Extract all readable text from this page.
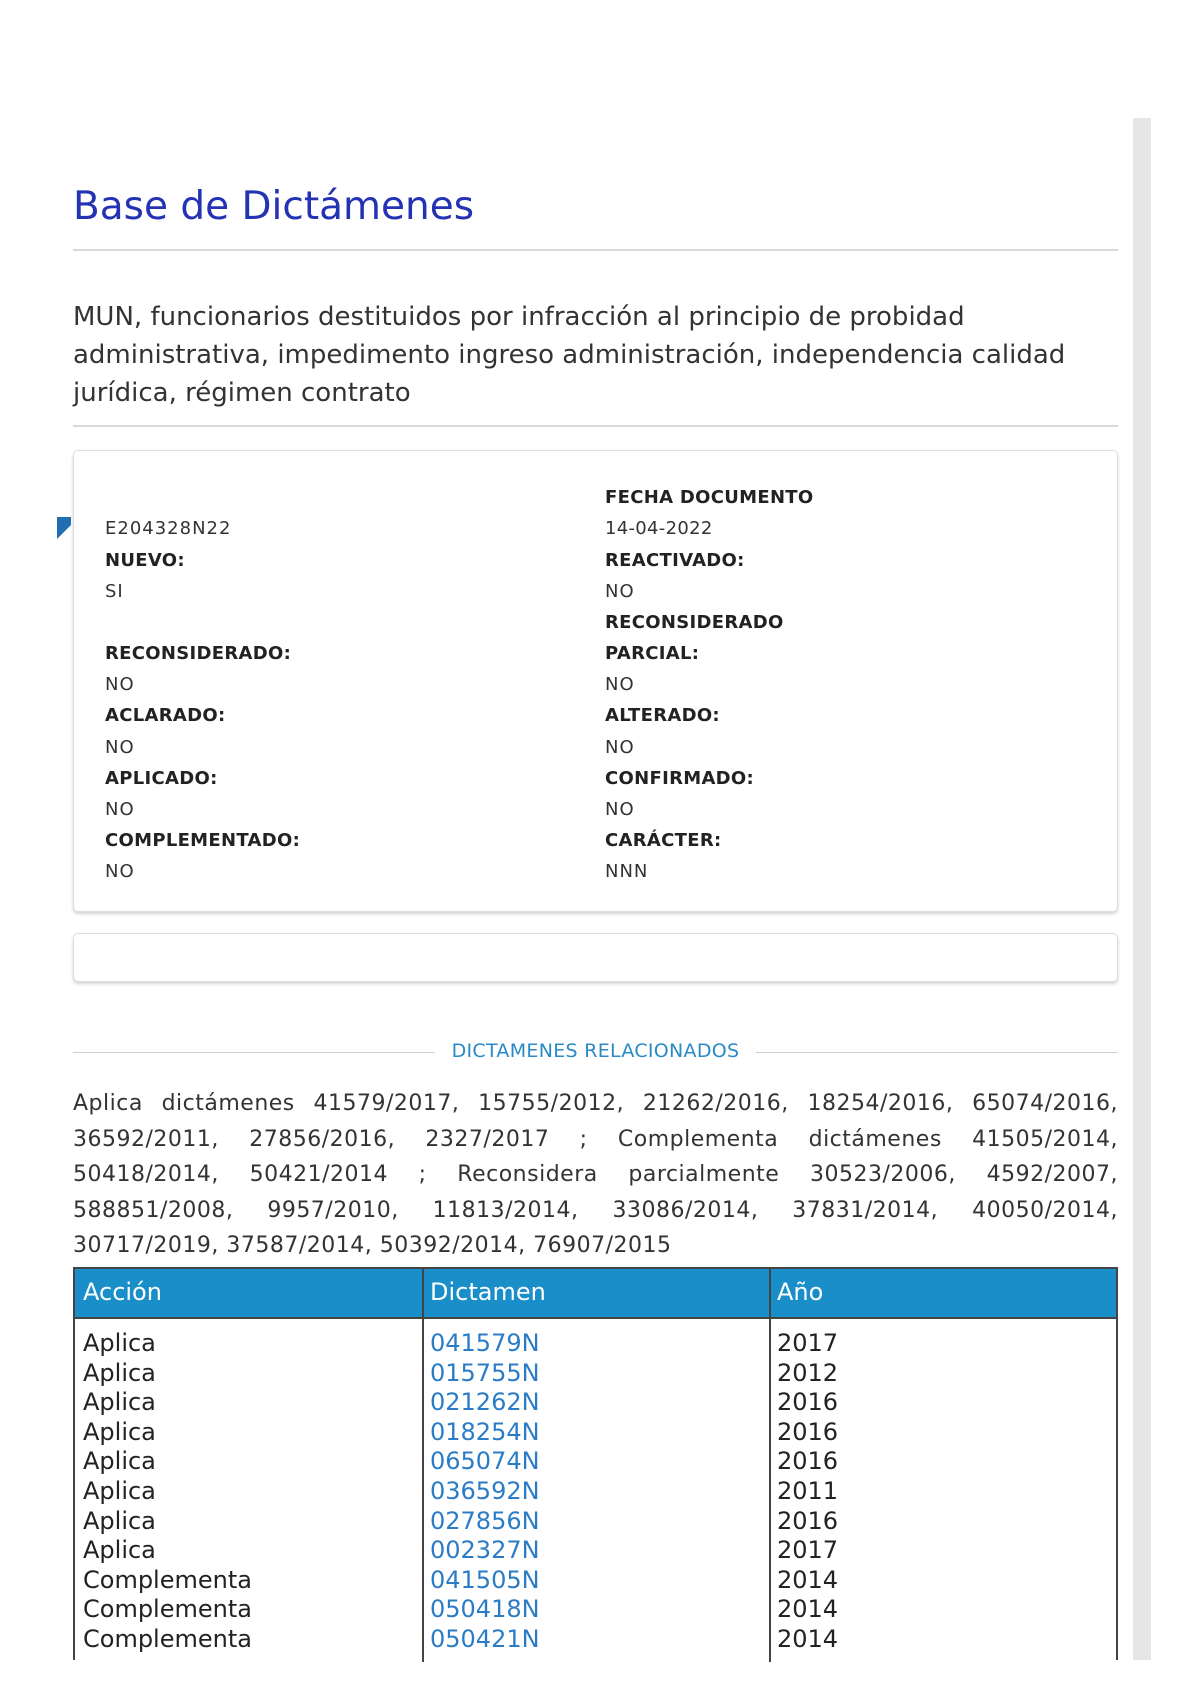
Base de Dictámenes
MUN, funcionarios destituidos por infracción al principio de probidad administrativa, impedimento ingreso administración, independencia calidad jurídica, régimen contrato
E204328N22
NUEVO:
SI
RECONSIDERADO:
NO
ACLARADO:
NO
APLICADO:
NO
COMPLEMENTADO:
NO
FECHA DOCUMENTO
14-04-2022
REACTIVADO:
NO
RECONSIDERADO
PARCIAL:
NO
ALTERADO:
NO
CONFIRMADO:
NO
CARÁCTER:
NNN
DICTAMENES RELACIONADOS
Aplica dictámenes 41579/2017, 15755/2012, 21262/2016, 18254/2016, 65074/2016, 36592/2011, 27856/2016, 2327/2017 ; Complementa dictámenes 41505/2014, 50418/2014, 50421/2014 ; Reconsidera parcialmente 30523/2006, 4592/2007, 588851/2008, 9957/2010, 11813/2014, 33086/2014, 37831/2014, 40050/2014, 30717/2019, 37587/2014, 50392/2014, 76907/2015
Acción	Dictamen	Año
Aplica	041579N	2017
Aplica	015755N	2012
Aplica	021262N	2016
Aplica	018254N	2016
Aplica	065074N	2016
Aplica	036592N	2011
Aplica	027856N	2016
Aplica	002327N	2017
Complementa	041505N	2014
Complementa	050418N	2014
Complementa	050421N	2014
